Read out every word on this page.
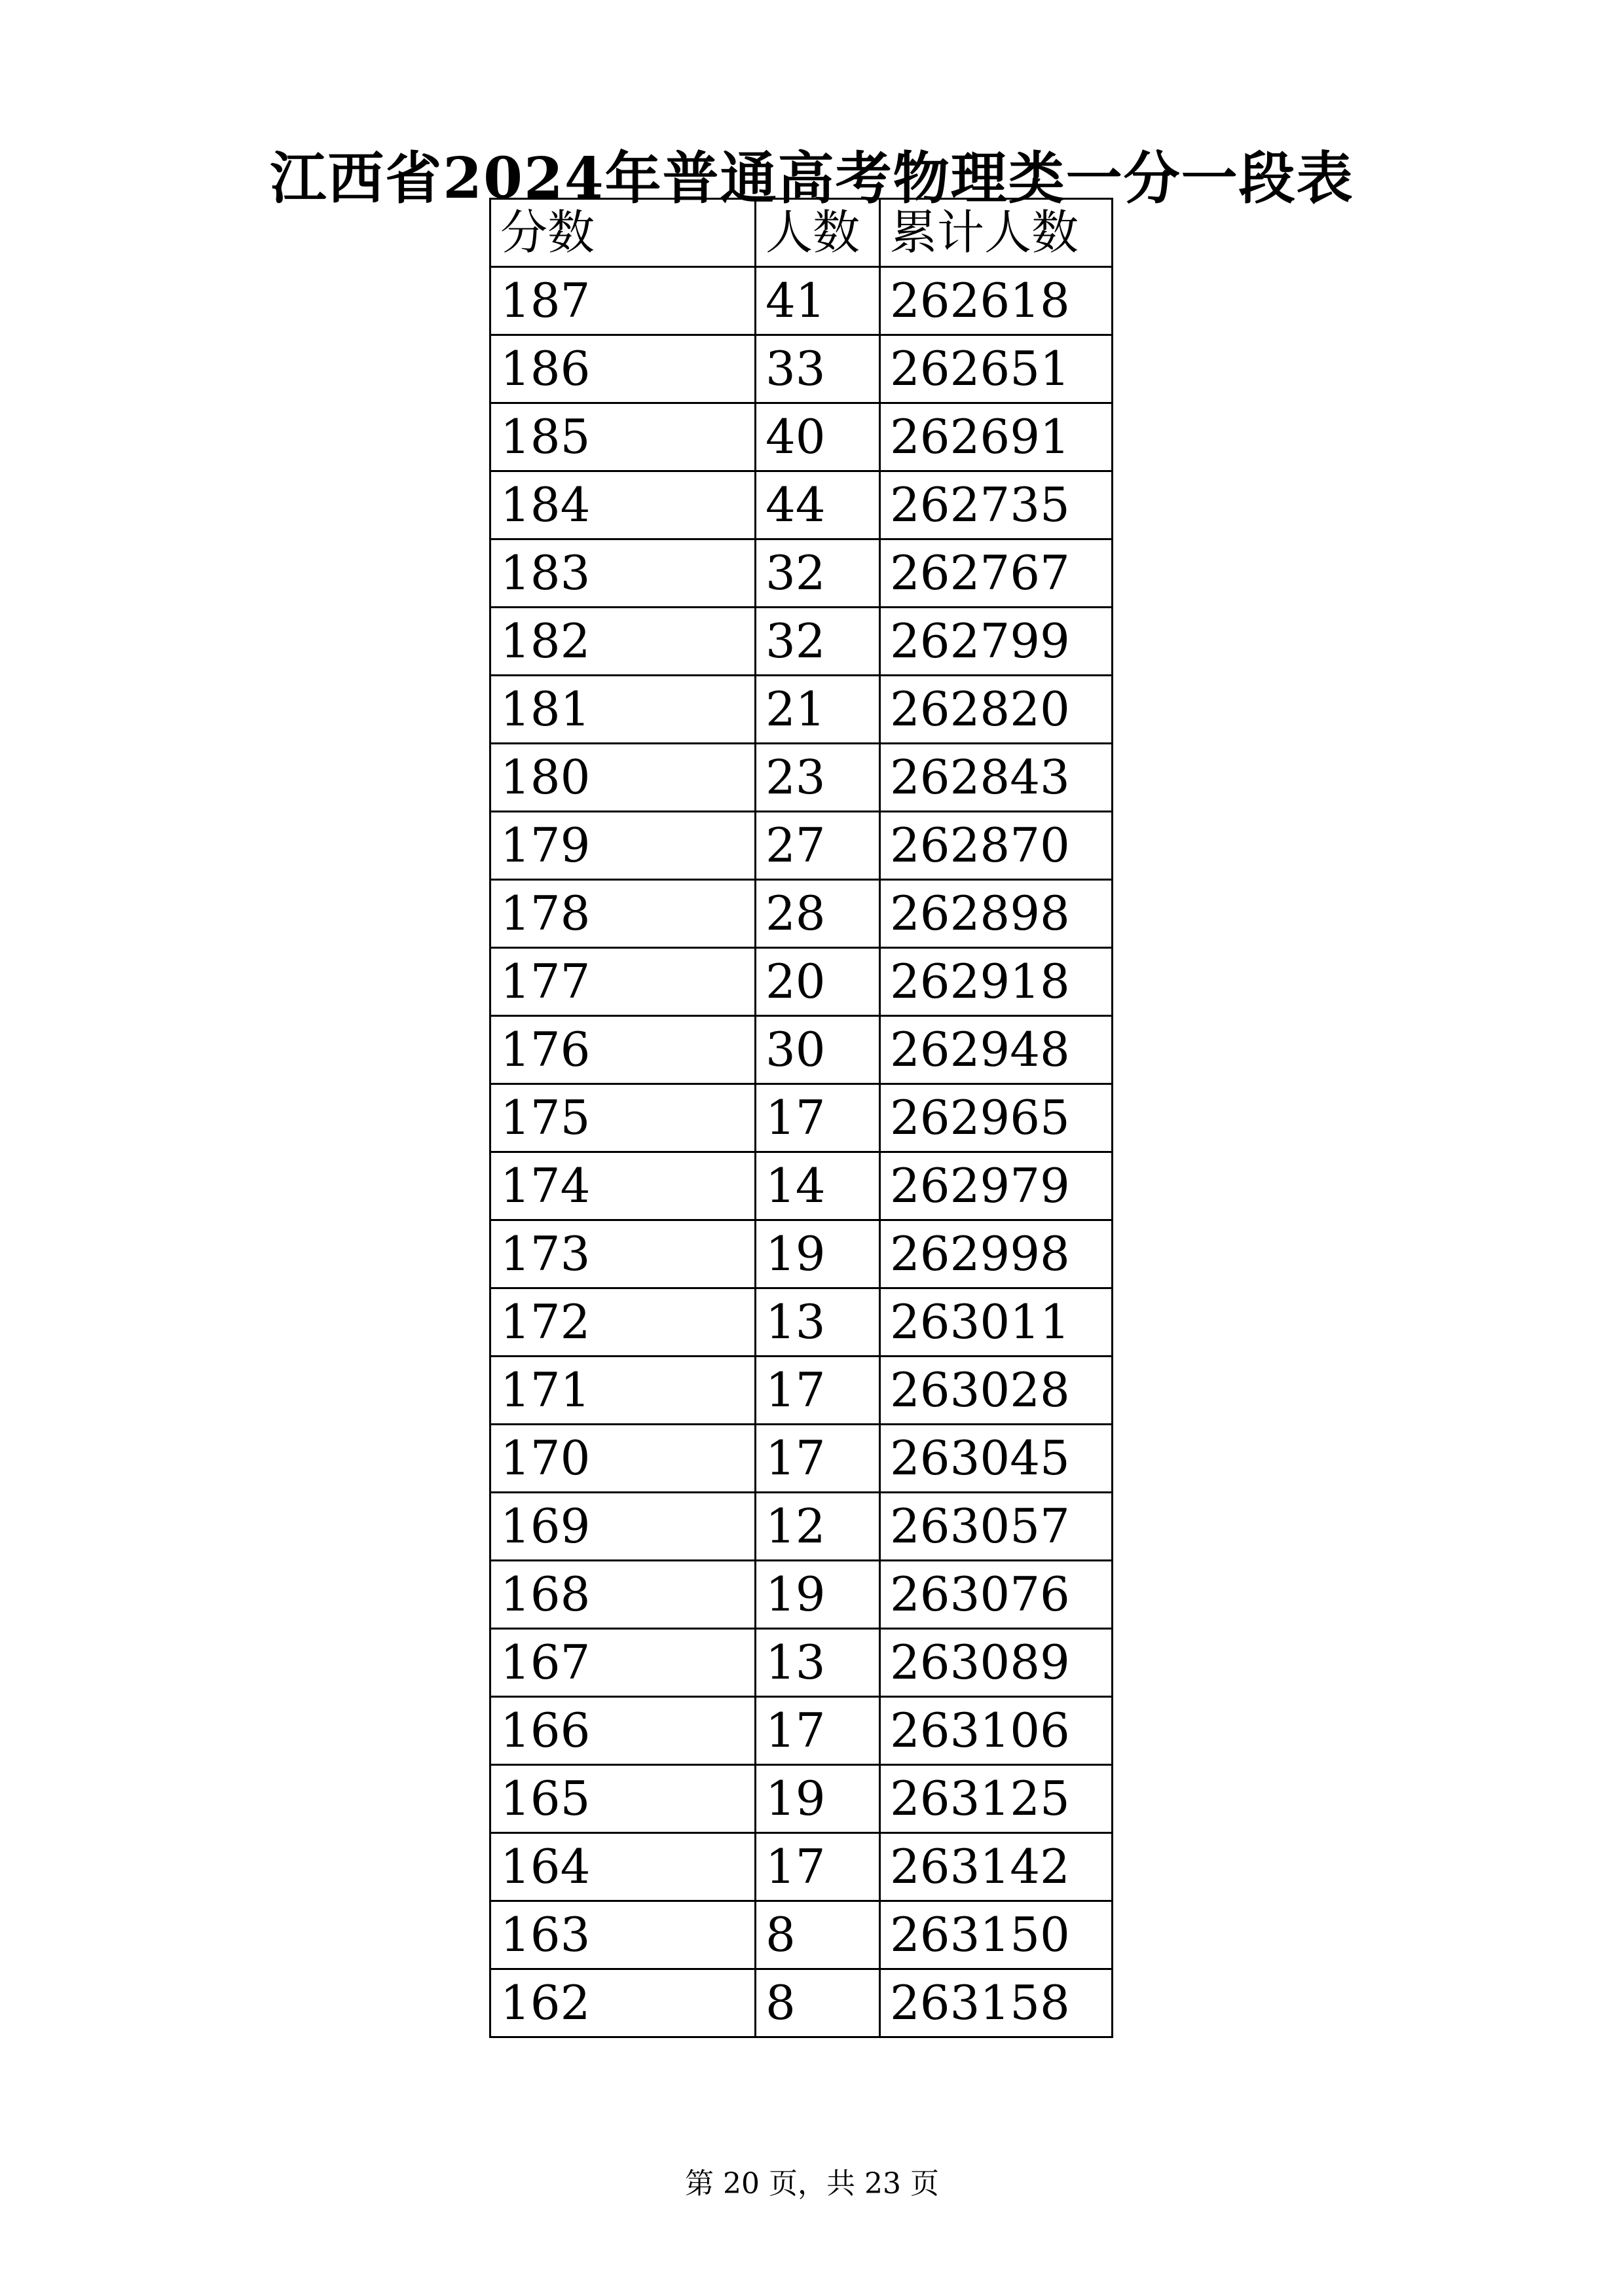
江西省2024年普通高考物理类一分一段表
分数	人数	累计人数
187	41	262618
186	33	262651
185	40	262691
184	44	262735
183	32	262767
182	32	262799
181	21	262820
180	23	262843
179	27	262870
178	28	262898
177	20	262918
176	30	262948
175	17	262965
174	14	262979
173	19	262998
172	13	263011
171	17	263028
170	17	263045
169	12	263057
168	19	263076
167	13	263089
166	17	263106
165	19	263125
164	17	263142
163	8	263150
162	8	263158
第 20 页，共 23 页
